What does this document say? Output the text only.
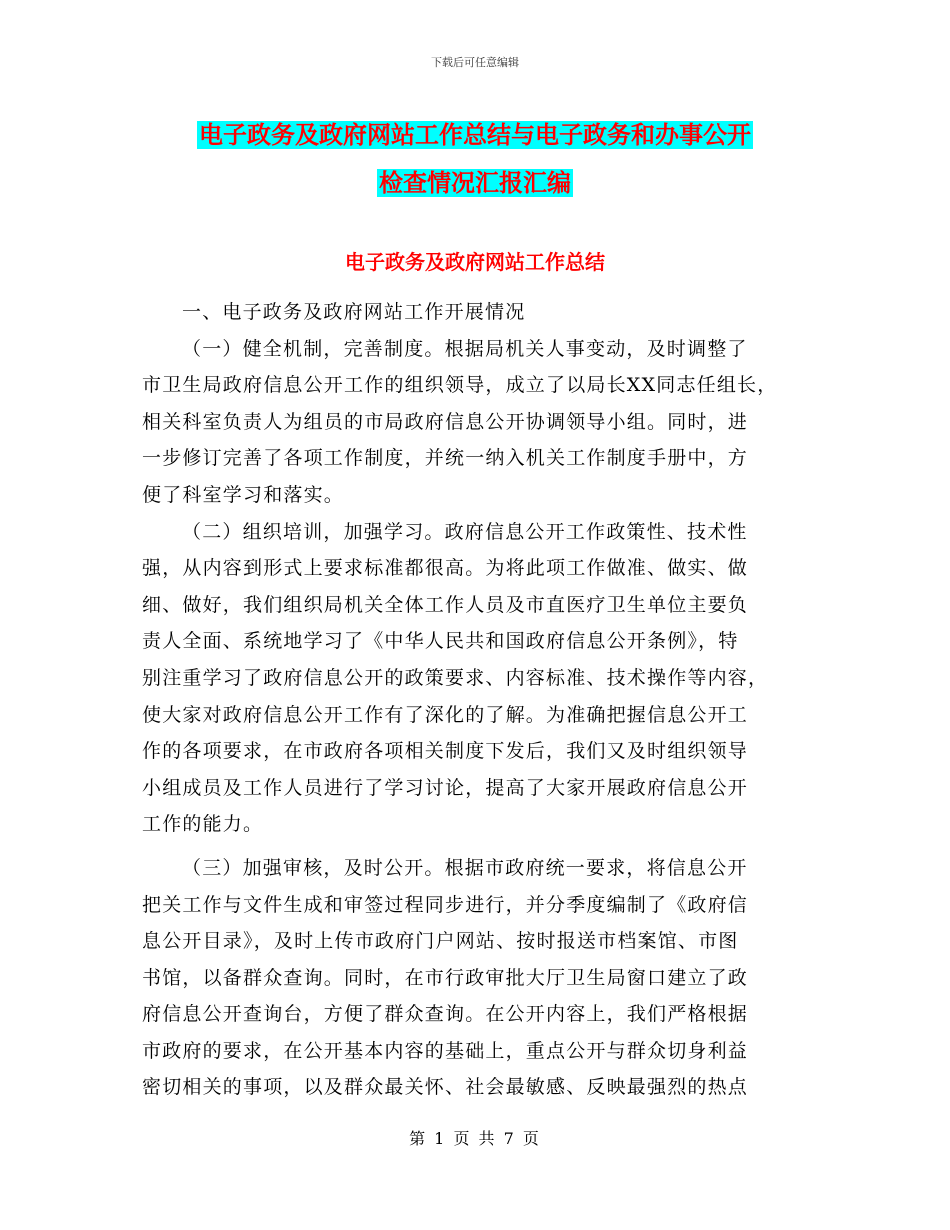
下载后可任意编辑
电子政务及政府网站工作总结与电子政务和办事公开
检查情况汇报汇编
电子政务及政府网站工作总结
一、电子政务及政府网站工作开展情况
（一）健全机制，完善制度。根据局机关人事变动，及时调整了
市卫生局政府信息公开工作的组织领导，成立了以局长XX同志任组长，
相关科室负责人为组员的市局政府信息公开协调领导小组。同时，进
一步修订完善了各项工作制度，并统一纳入机关工作制度手册中，方
便了科室学习和落实。
（二）组织培训，加强学习。政府信息公开工作政策性、技术性
强，从内容到形式上要求标准都很高。为将此项工作做准、做实、做
细、做好，我们组织局机关全体工作人员及市直医疗卫生单位主要负
责人全面、系统地学习了《中华人民共和国政府信息公开条例》，特
别注重学习了政府信息公开的政策要求、内容标准、技术操作等内容，
使大家对政府信息公开工作有了深化的了解。为准确把握信息公开工
作的各项要求，在市政府各项相关制度下发后，我们又及时组织领导
小组成员及工作人员进行了学习讨论，提高了大家开展政府信息公开
工作的能力。
（三）加强审核，及时公开。根据市政府统一要求，将信息公开
把关工作与文件生成和审签过程同步进行，并分季度编制了《政府信
息公开目录》，及时上传市政府门户网站、按时报送市档案馆、市图
书馆，以备群众查询。同时，在市行政审批大厅卫生局窗口建立了政
府信息公开查询台，方便了群众查询。在公开内容上，我们严格根据
市政府的要求，在公开基本内容的基础上，重点公开与群众切身利益
密切相关的事项，以及群众最关怀、社会最敏感、反映最强烈的热点
第 1 页 共 7 页
